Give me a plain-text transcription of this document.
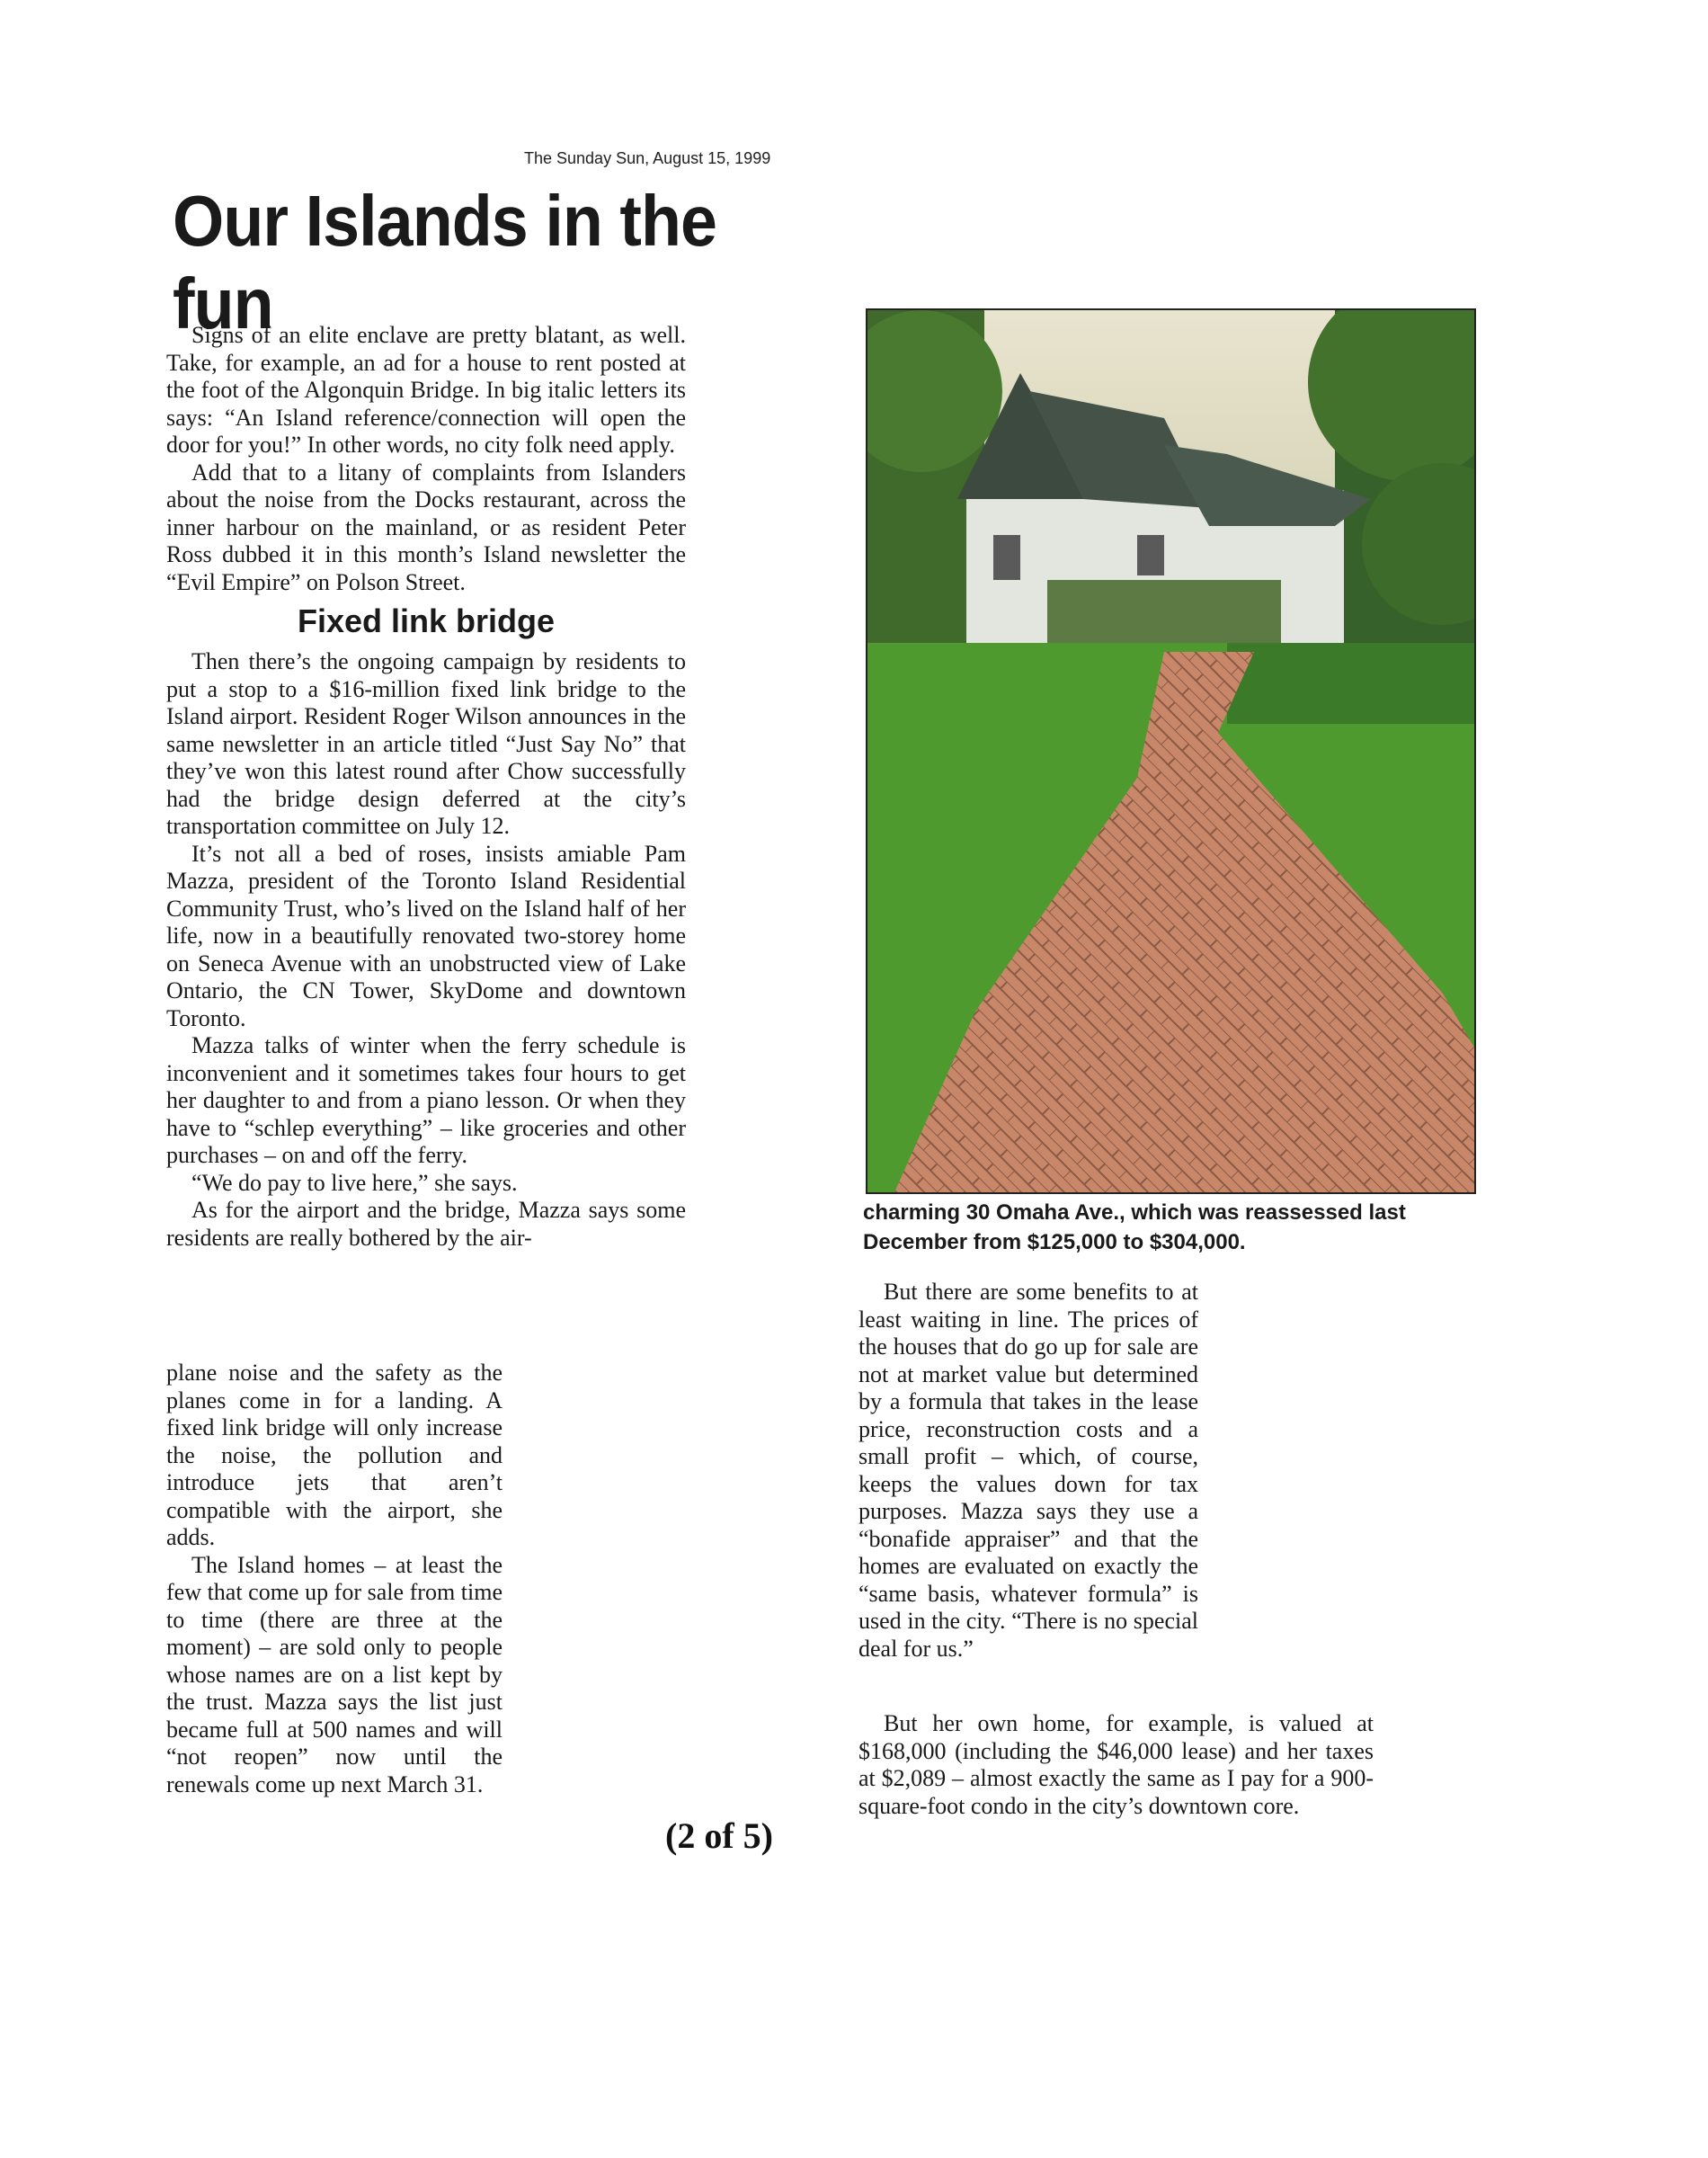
The Sunday Sun, August 15, 1999
Our Islands in the fun

Signs of an elite enclave are pretty blatant, as well. Take, for example, an ad for a house to rent posted at the foot of the Algonquin Bridge. In big italic letters its says: “An Island reference/connection will open the door for you!” In other words, no city folk need apply.

Add that to a litany of complaints from Islanders about the noise from the Docks restaurant, across the inner harbour on the mainland, or as resident Peter Ross dubbed it in this month’s Island newsletter the “Evil Empire” on Polson Street.

Fixed link bridge

Then there’s the ongoing campaign by residents to put a stop to a $16-million fixed link bridge to the Island airport. Resident Roger Wilson announces in the same newsletter in an article titled “Just Say No” that they’ve won this latest round after Chow successfully had the bridge design deferred at the city’s transportation committee on July 12.

It’s not all a bed of roses, insists amiable Pam Mazza, president of the Toronto Island Residential Community Trust, who’s lived on the Island half of her life, now in a beautifully renovated two-storey home on Seneca Avenue with an unobstructed view of Lake Ontario, the CN Tower, SkyDome and downtown Toronto.

Mazza talks of winter when the ferry schedule is inconvenient and it sometimes takes four hours to get her daughter to and from a piano lesson. Or when they have to “schlep everything” – like groceries and other purchases – on and off the ferry.

“We do pay to live here,” she says.

As for the airport and the bridge, Mazza says some residents are really bothered by the air-

plane noise and the safety as the planes come in for a landing. A fixed link bridge will only increase the noise, the pollution and introduce jets that aren’t compatible with the airport, she adds.

The Island homes – at least the few that come up for sale from time to time (there are three at the moment) – are sold only to people whose names are on a list kept by the trust. Mazza says the list just became full at 500 names and will “not reopen” now until the renewals come up next March 31.

charming 30 Omaha Ave., which was reassessed last December from $125,000 to $304,000.

But there are some benefits to at least waiting in line. The prices of the houses that do go up for sale are not at market value but determined by a formula that takes in the lease price, reconstruction costs and a small profit – which, of course, keeps the values down for tax purposes. Mazza says they use a “bonafide appraiser” and that the homes are evaluated on exactly the “same basis, whatever formula” is used in the city. “There is no special deal for us.”

But her own home, for example, is valued at $168,000 (including the $46,000 lease) and her taxes at $2,089 – almost exactly the same as I pay for a 900-square-foot condo in the city’s downtown core.

(2 of 5)
